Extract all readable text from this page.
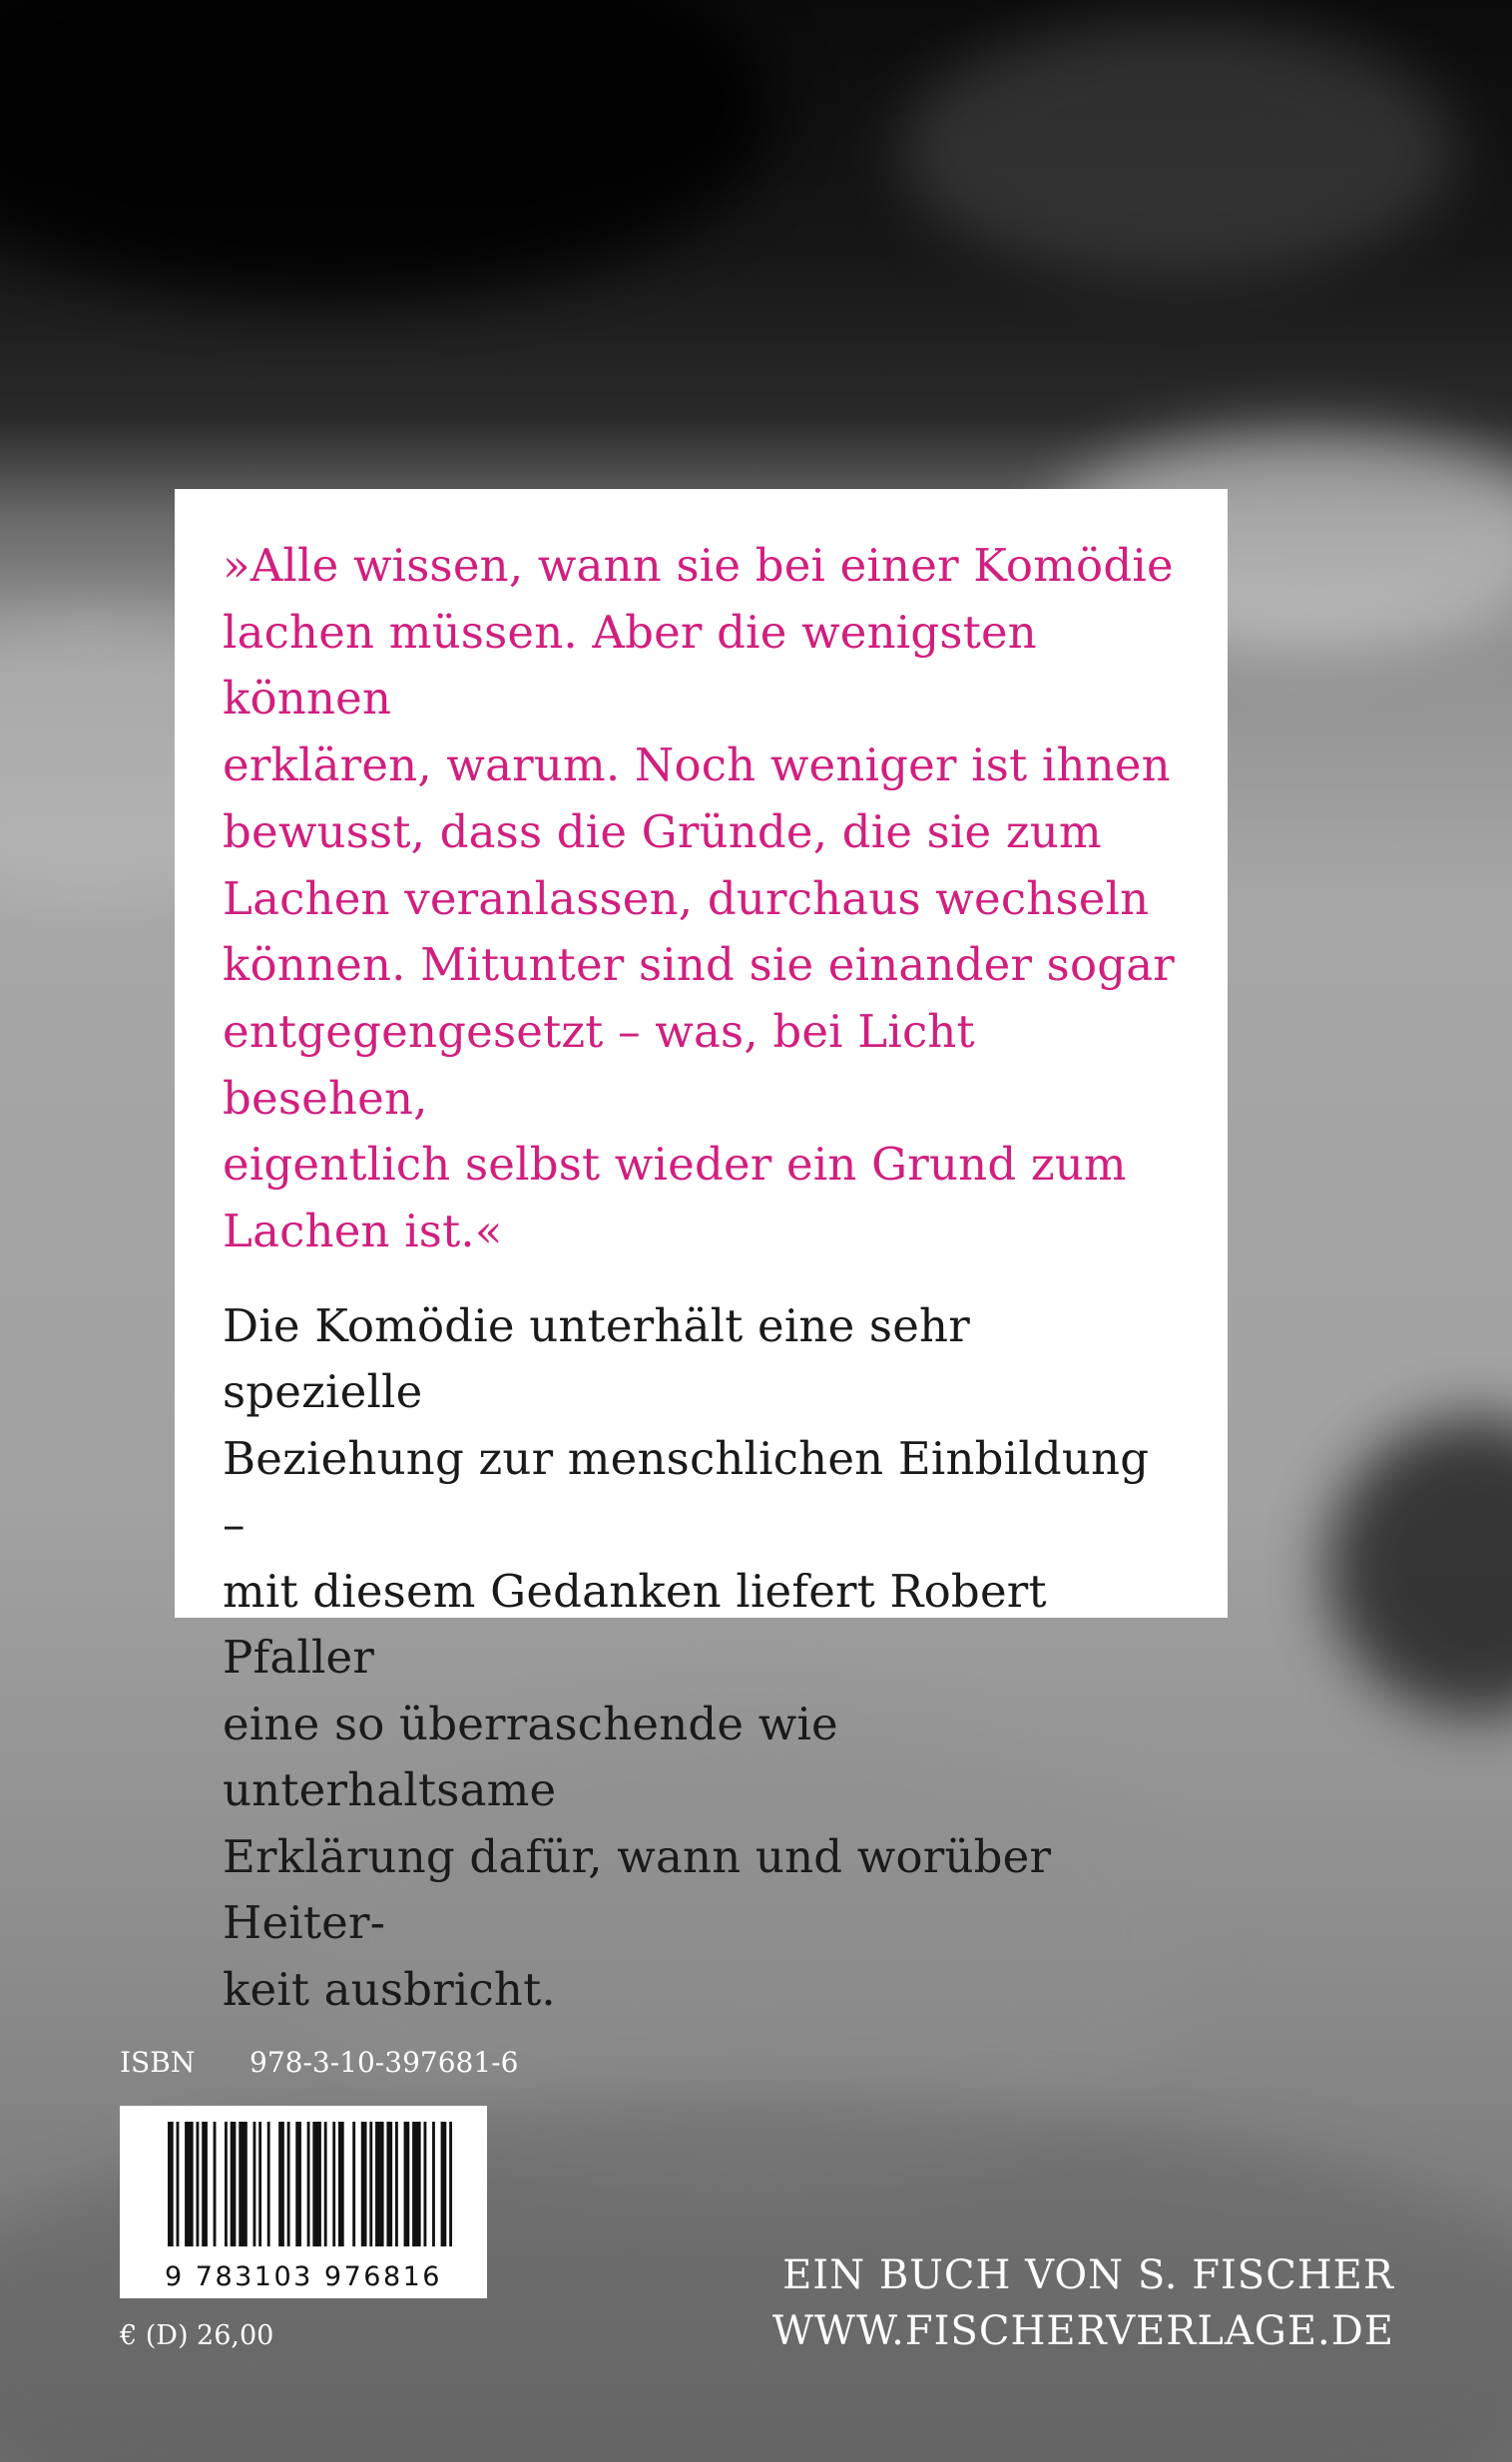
»Alle wissen, wann sie bei einer Komödie
lachen müssen. Aber die wenigsten können
erklären, warum. Noch weniger ist ihnen
bewusst, dass die Gründe, die sie zum
Lachen veranlassen, durchaus wechseln
können. Mitunter sind sie einander sogar
entgegengesetzt – was, bei Licht besehen,
eigentlich selbst wieder ein Grund zum
Lachen ist.«

Die Komödie unterhält eine sehr spezielle
Beziehung zur menschlichen Einbildung –
mit diesem Gedanken liefert Robert Pfaller
eine so überraschende wie unterhaltsame
Erklärung dafür, wann und worüber Heiter-
keit ausbricht.

ISBN	978-3-10-397681-6
9 783103 976816
€ (D) 26,00
EIN BUCH VON S. FISCHER
WWW.FISCHERVERLAGE.DE
